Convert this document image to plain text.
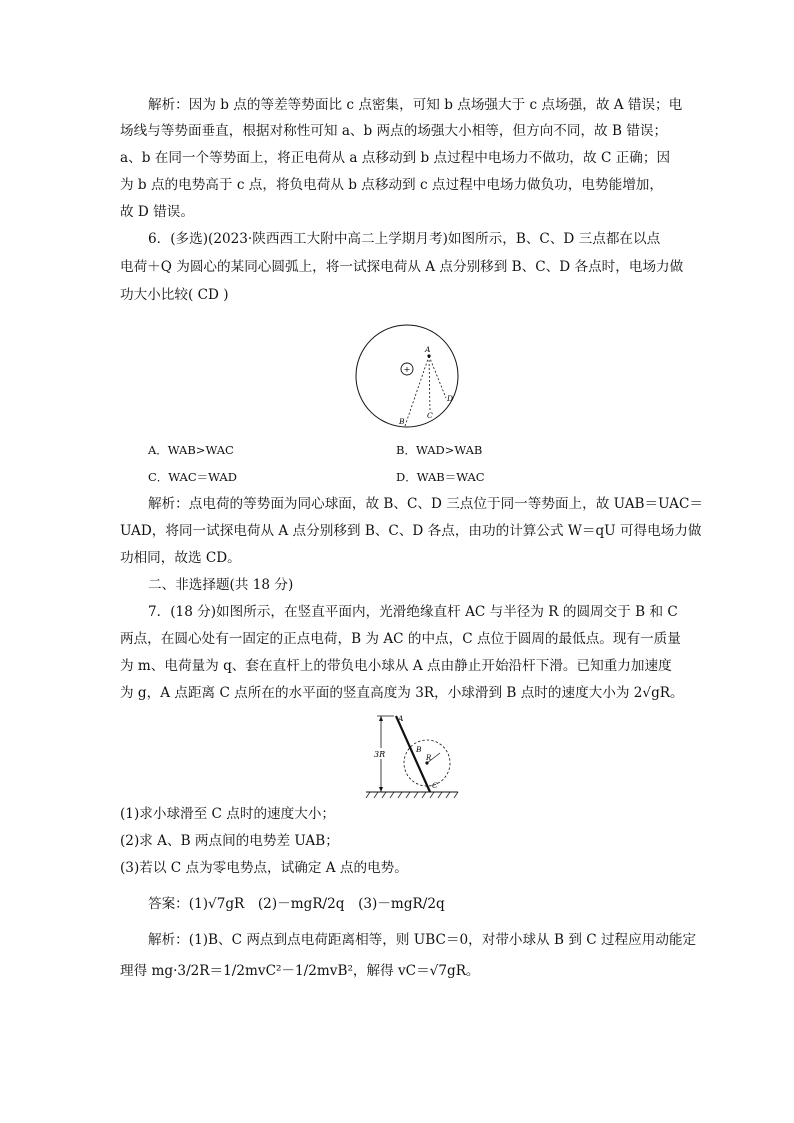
解析：因为 b 点的等差等势面比 c 点密集，可知 b 点场强大于 c 点场强，故 A 错误；电
场线与等势面垂直，根据对称性可知 a、b 两点的场强大小相等，但方向不同，故 B 错误；
a、b 在同一个等势面上，将正电荷从 a 点移动到 b 点过程中电场力不做功，故 C 正确；因
为 b 点的电势高于 c 点，将负电荷从 b 点移动到 c 点过程中电场力做负功，电势能增加，
故 D 错误。
6．(多选)(2023·陕西西工大附中高二上学期月考)如图所示，B、C、D 三点都在以点
电荷＋Q 为圆心的某同心圆弧上，将一试探电荷从 A 点分别移到 B、C、D 各点时，电场力做
功大小比较( CD )
+
A
B
C
D
A．WAB>WAC	B．WAD>WAB
C．WAC＝WAD	D．WAB＝WAC
解析：点电荷的等势面为同心球面，故 B、C、D 三点位于同一等势面上，故 UAB＝UAC＝
UAD，将同一试探电荷从 A 点分别移到 B、C、D 各点，由功的计算公式 W＝qU 可得电场力做
功相同，故选 CD。
二、非选择题(共 18 分)
7．(18 分)如图所示，在竖直平面内，光滑绝缘直杆 AC 与半径为 R 的圆周交于 B 和 C
两点，在圆心处有一固定的正点电荷，B 为 AC 的中点，C 点位于圆周的最低点。现有一质量
为 m、电荷量为 q、套在直杆上的带负电小球从 A 点由静止开始沿杆下滑。已知重力加速度
为 g，A 点距离 C 点所在的水平面的竖直高度为 3R，小球滑到 B 点时的速度大小为 2√gR。
3R
A
B
R
C
(1)求小球滑至 C 点时的速度大小；
(2)求 A、B 两点间的电势差 UAB；
(3)若以 C 点为零电势点，试确定 A 点的电势。
答案：(1)√7gR　(2)－mgR/2q　(3)－mgR/2q
解析：(1)B、C 两点到点电荷距离相等，则 UBC＝0，对带小球从 B 到 C 过程应用动能定
理得 mg·3/2R＝1/2mvC²－1/2mvB²，解得 vC＝√7gR。
